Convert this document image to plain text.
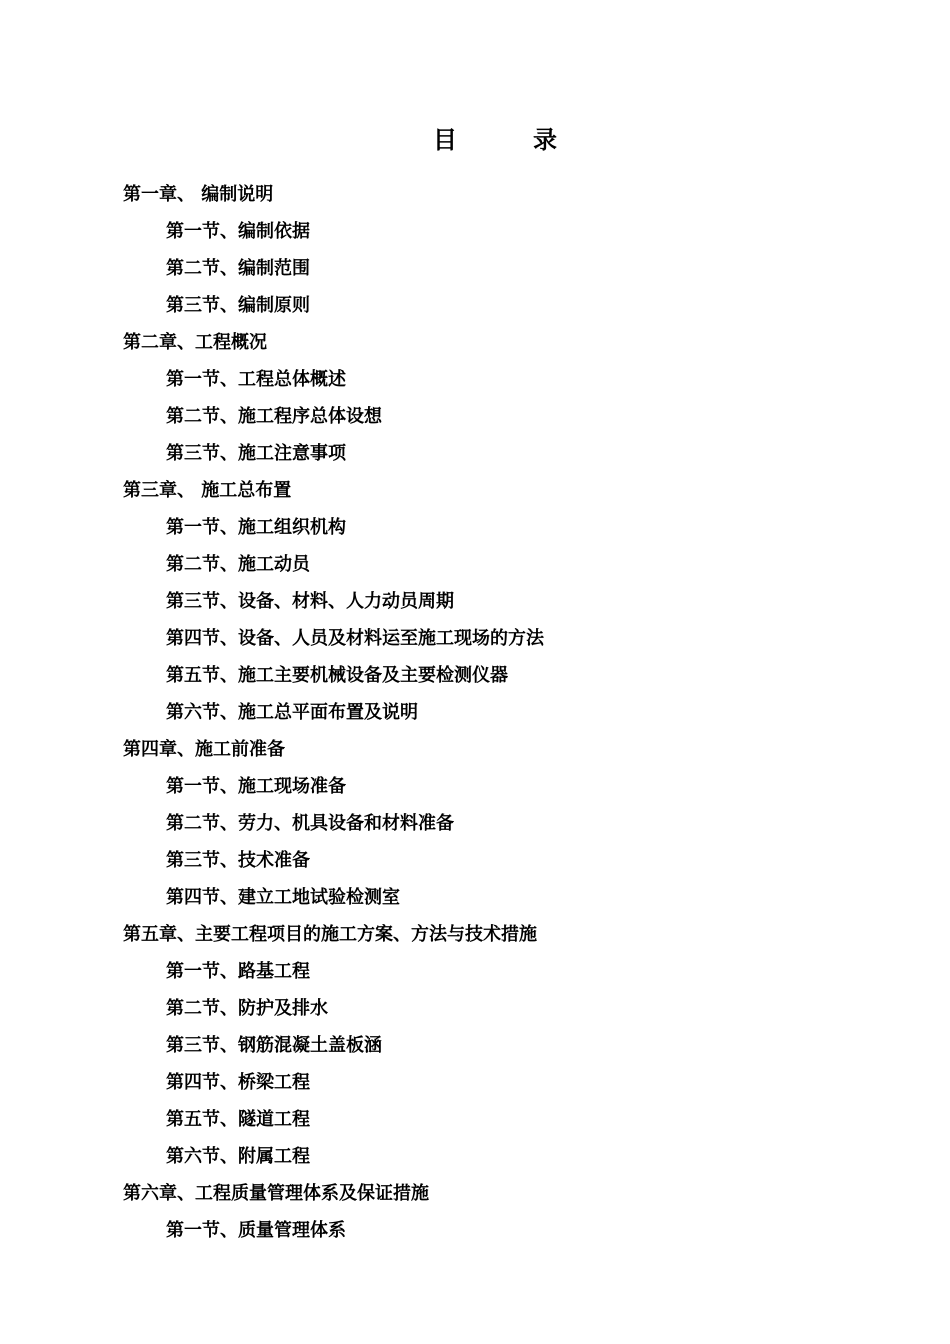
目　录
第一章、 编制说明
第一节、编制依据
第二节、编制范围
第三节、编制原则
第二章、工程概况
第一节、工程总体概述
第二节、施工程序总体设想
第三节、施工注意事项
第三章、 施工总布置
第一节、施工组织机构
第二节、施工动员
第三节、设备、材料、人力动员周期
第四节、设备、人员及材料运至施工现场的方法
第五节、施工主要机械设备及主要检测仪器
第六节、施工总平面布置及说明
第四章、施工前准备
第一节、施工现场准备
第二节、劳力、机具设备和材料准备
第三节、技术准备
第四节、建立工地试验检测室
第五章、主要工程项目的施工方案、方法与技术措施
第一节、路基工程
第二节、防护及排水
第三节、钢筋混凝土盖板涵
第四节、桥梁工程
第五节、隧道工程
第六节、附属工程
第六章、工程质量管理体系及保证措施
第一节、质量管理体系
